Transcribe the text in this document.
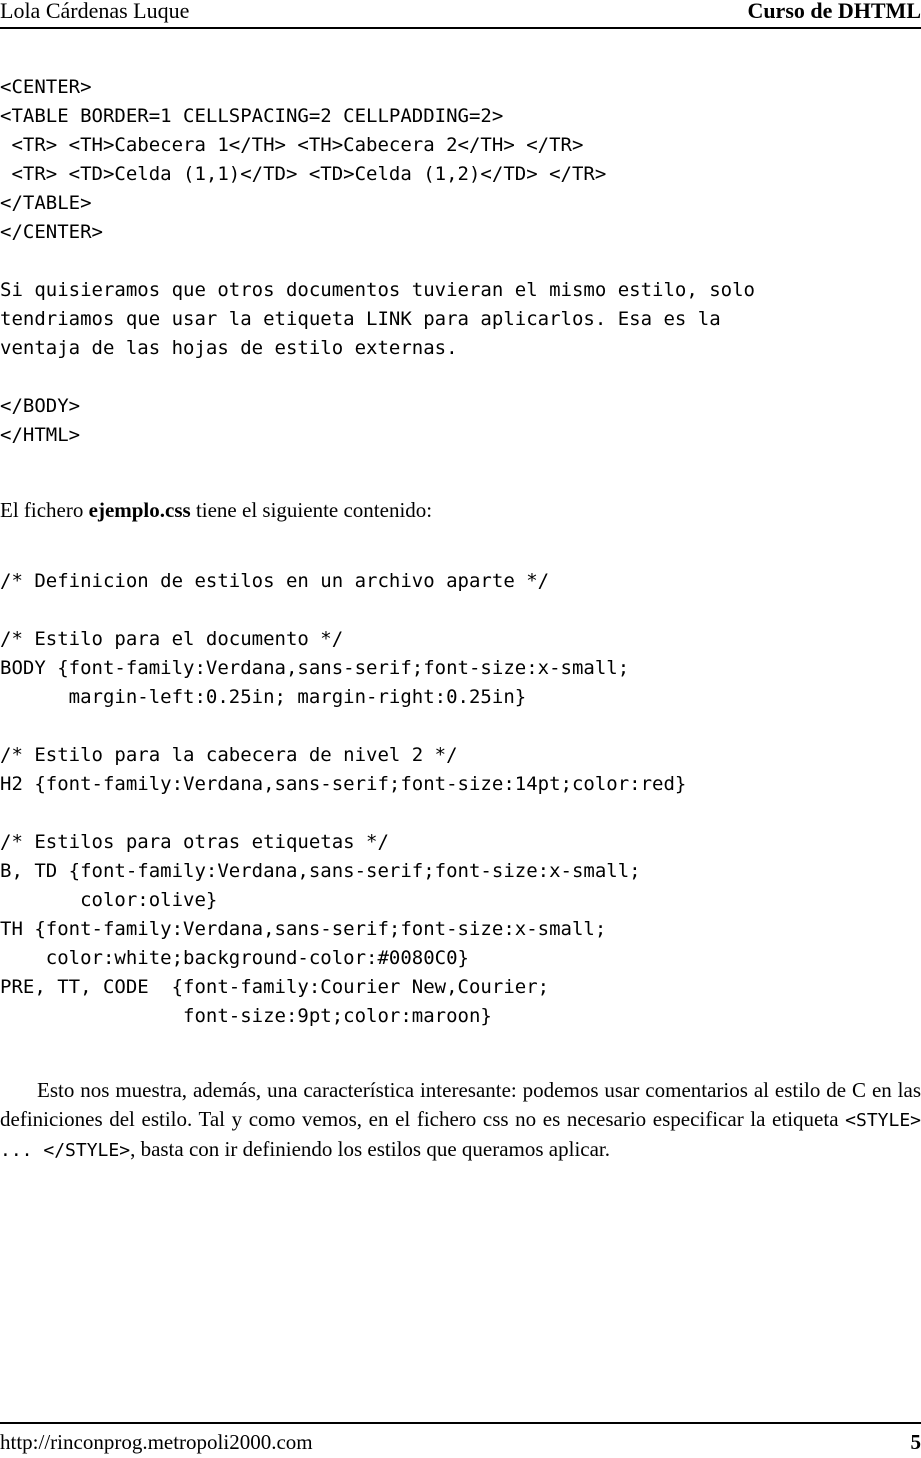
Lola Cárdenas Luque	Curso de DHTML
<CENTER>
<TABLE BORDER=1 CELLSPACING=2 CELLPADDING=2>
<TR> <TH>Cabecera 1</TH> <TH>Cabecera 2</TH> </TR>
<TR> <TD>Celda (1,1)</TD> <TD>Celda (1,2)</TD> </TR>
</TABLE>
</CENTER>

Si quisieramos que otros documentos tuvieran el mismo estilo, solo
tendriamos que usar la etiqueta LINK para aplicarlos. Esa es la
ventaja de las hojas de estilo externas.

</BODY>
</HTML>
El fichero ejemplo.css tiene el siguiente contenido:
/* Definicion de estilos en un archivo aparte */

/* Estilo para el documento */
BODY {font-family:Verdana,sans-serif;font-size:x-small;
margin-left:0.25in; margin-right:0.25in}

/* Estilo para la cabecera de nivel 2 */
H2 {font-family:Verdana,sans-serif;font-size:14pt;color:red}

/* Estilos para otras etiquetas */
B, TD {font-family:Verdana,sans-serif;font-size:x-small;
color:olive}
TH {font-family:Verdana,sans-serif;font-size:x-small;
color:white;background-color:#0080C0}
PRE, TT, CODE  {font-family:Courier New,Courier;
font-size:9pt;color:maroon}
Esto nos muestra, además, una característica interesante: podemos usar comentarios al estilo de C en las definiciones del estilo. Tal y como vemos, en el fichero css no es necesario especificar la etiqueta <STYLE> ... </STYLE>, basta con ir definiendo los estilos que queramos aplicar.
http://rinconprog.metropoli2000.com	5
